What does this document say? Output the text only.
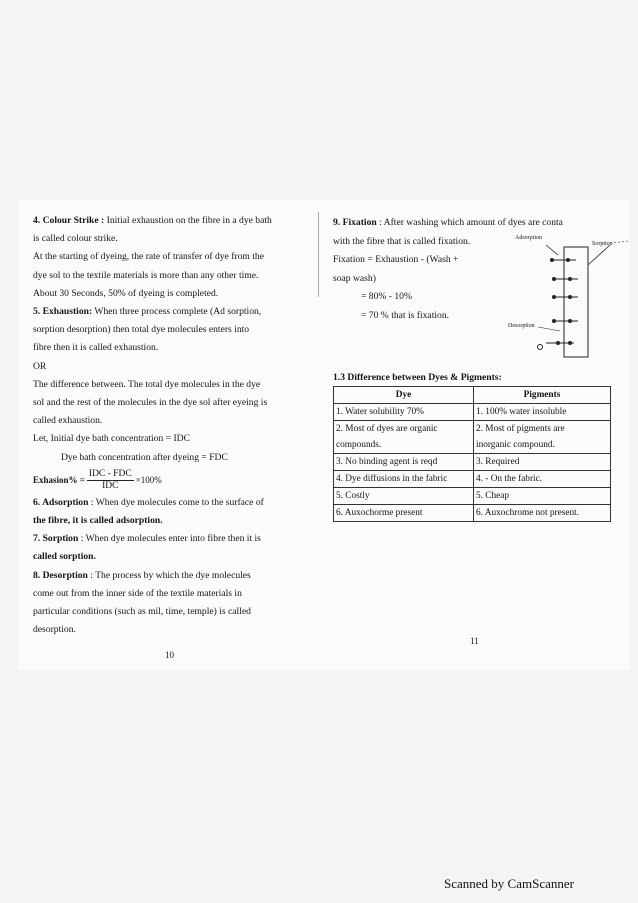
4. Colour Strike : Initial exhaustion on the fibre in a dye bath

is called colour strike.

At the starting of dyeing, the rate of transfer of dye from the

dye sol to the textile materials is more than any other time.

About 30 Seconds, 50% of dyeing is completed.

5. Exhaustion: When three process complete (Ad sorption,

sorption desorption) then total dye molecules enters into

fibre then it is called exhaustion.

OR

The difference between. The total dye molecules in the dye

sol and the rest of the molecules in the dye sol after eyeing is

called exhaustion.

Let, Initial dye bath concentration = IDC

Dye bath concentration after dyeing = FDC

Exhasion% = $\frac{\text{IDC - FDC}}{\text{IDC}} \times 100\%$

6. Adsorption : When dye molecules come to the surface of

the fibre, it is called adsorption.

7. Sorption : When dye molecules enter into fibre then it is

called sorption.

8. Desorption : The process by which the dye molecules

come out from the inner side of the textile materials in

particular conditions (such as mil, time, temple) is called

desorption.

10

9. Fixation : After washing which amount of dyes are conta

with the fibre that is called fixation.

Fixation = Exhaustion - (Wash +

soap wash)

= 80% - 10%

= 70 % that is fixation.

Adsorption
Sorption
Desorption
1.3 Difference between Dyes & Pigments:
Dye	Pigments
1. Water solubility 70%	1. 100% water insoluble
2. Most of dyes are organic	2. Most of pigments are
compounds.	inorganic compound.
3. No binding agent is reqd	3. Required
4. Dye diffusions in the fabric	4. - On the fabric.
5. Costly	5. Cheap
6. Auxochorme present	6. Auxochrome not present.
11
Scanned by CamScanner
